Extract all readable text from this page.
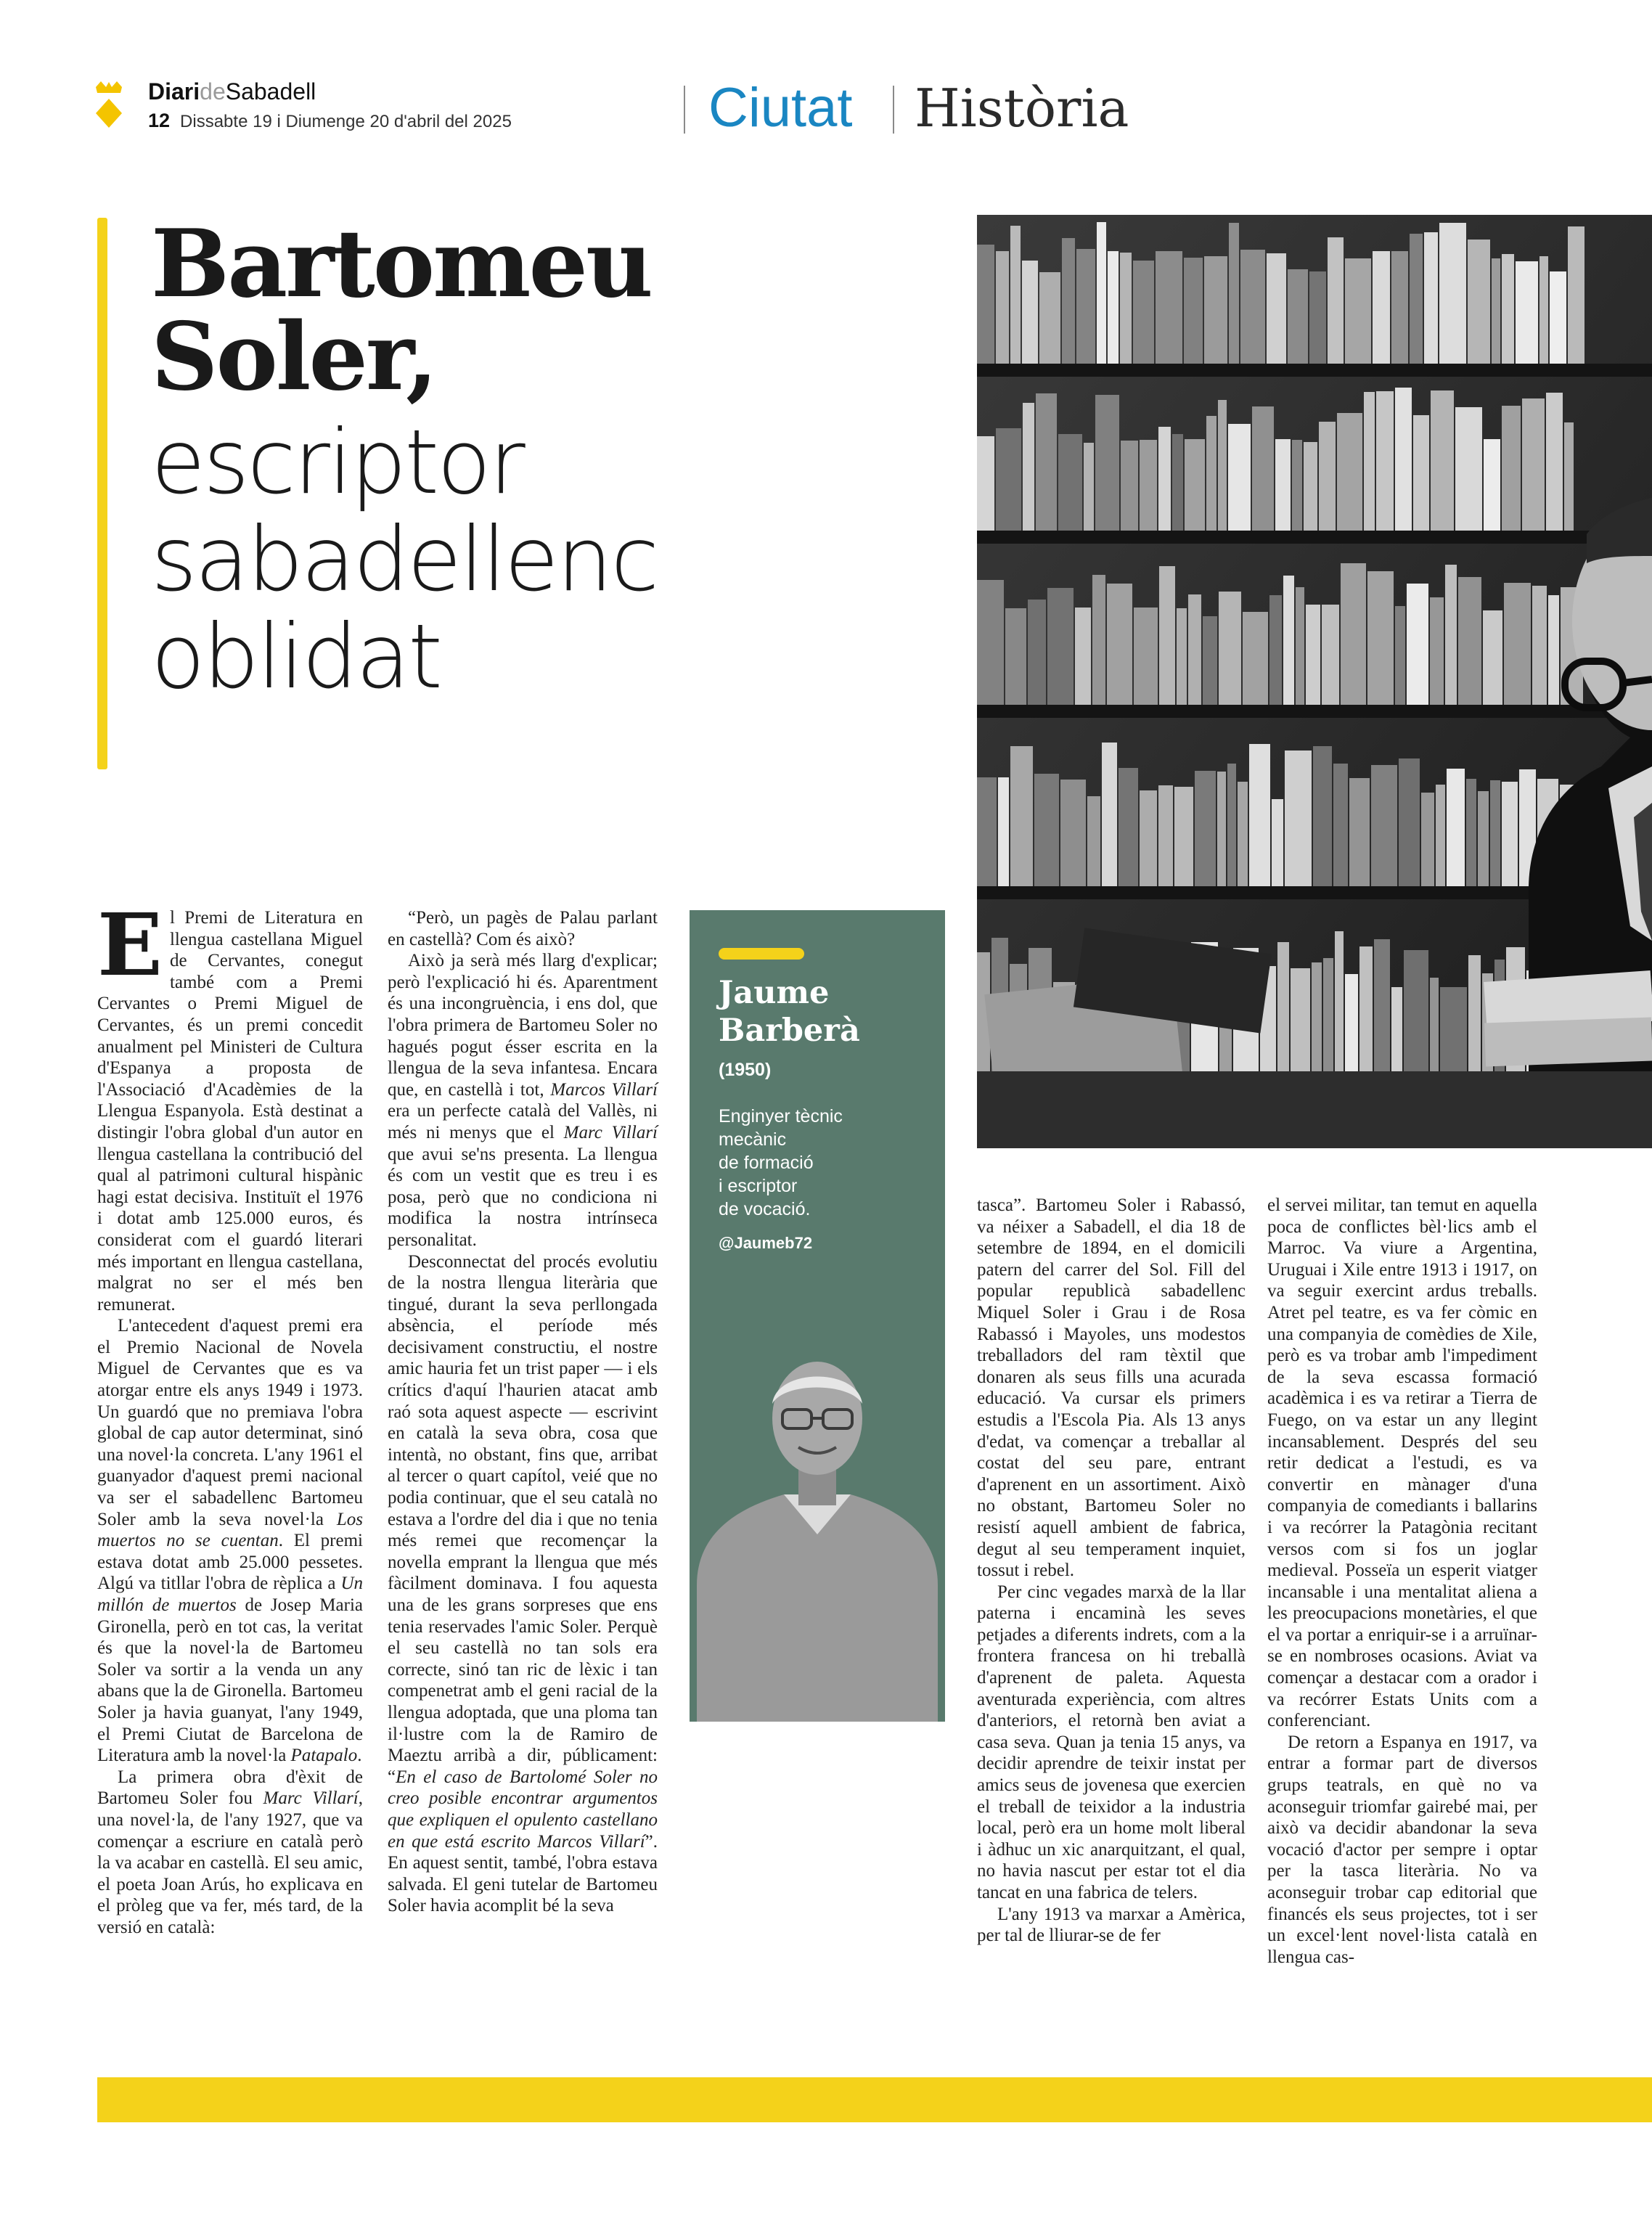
DiarideSabadell
12 Dissabte 19 i Diumenge 20 d'abril del 2025	Ciutat Història
Bartomeu
Soler,
escriptor
sabadellenc
oblidat

El Premi de Literatura en llengua castellana Miguel de Cervantes, conegut també com a Premi Cervantes o Premi Miguel de Cervantes, és un premi concedit anualment pel Ministeri de Cultura d'Espanya a proposta de l'Associació d'Acadèmies de la Llengua Espanyola. Està destinat a distingir l'obra global d'un autor en llengua castellana la contribució del qual al patrimoni cultural hispànic hagi estat decisiva. Instituït el 1976 i dotat amb 125.000 euros, és considerat com el guardó literari més important en llengua castellana, malgrat no ser el més ben remunerat.

L'antecedent d'aquest premi era el Premio Nacional de Novela Miguel de Cervantes que es va atorgar entre els anys 1949 i 1973. Un guardó que no premiava l'obra global de cap autor determinat, sinó una novel·la concreta. L'any 1961 el guanyador d'aquest premi nacional va ser el sabadellenc Bartomeu Soler amb la seva novel·la Los muertos no se cuentan. El premi estava dotat amb 25.000 pessetes. Algú va titllar l'obra de rèplica a Un millón de muertos de Josep Maria Gironella, però en tot cas, la veritat és que la novel·la de Bartomeu Soler va sortir a la venda un any abans que la de Gironella. Bartomeu Soler ja havia guanyat, l'any 1949, el Premi Ciutat de Barcelona de Literatura amb la novel·la Patapalo.

La primera obra d'èxit de Bartomeu Soler fou Marc Villarí, una novel·la, de l'any 1927, que va començar a escriure en català però la va acabar en castellà. El seu amic, el poeta Joan Arús, ho explicava en el pròleg que va fer, més tard, de la versió en català:

“Però, un pagès de Palau parlant en castellà? Com és això?

Això ja serà més llarg d'explicar; però l'explicació hi és. Aparentment és una incongruència, i ens dol, que l'obra primera de Bartomeu Soler no hagués pogut ésser escrita en la llengua de la seva infantesa. Encara que, en castellà i tot, Marcos Villarí era un perfecte català del Vallès, ni més ni menys que el Marc Villarí que avui se'ns presenta. La llengua és com un vestit que es treu i es posa, però que no condiciona ni modifica la nostra intrínseca personalitat.

Desconnectat del procés evolutiu de la nostra llengua literària que tingué, durant la seva perllongada absència, el període més decisivament constructiu, el nostre amic hauria fet un trist paper — i els crítics d'aquí l'haurien atacat amb raó sota aquest aspecte — escrivint en català la seva obra, cosa que intentà, no obstant, fins que, arribat al tercer o quart capítol, veié que no podia continuar, que el seu català no estava a l'ordre del dia i que no tenia més remei que recomençar la novella emprant la llengua que més fàcilment dominava. I fou aquesta una de les grans sorpreses que ens tenia reservades l'amic Soler. Perquè el seu castellà no tan sols era correcte, sinó tan ric de lèxic i tan compenetrat amb el geni racial de la llengua adoptada, que una ploma tan il·lustre com la de Ramiro de Maeztu arribà a dir, públicament: “En el caso de Bartolomé Soler no creo posible encontrar argumentos que expliquen el opulento castellano en que está escrito Marcos Villarí”. En aquest sentit, també, l'obra estava salvada. El geni tutelar de Bartomeu Soler havia acomplit bé la seva

Jaume Barberà
(1950)
Enginyer tècnic
mecànic
de formació
i escriptor
de vocació.
@Jaumeb72

tasca”. Bartomeu Soler i Rabassó, va néixer a Sabadell, el dia 18 de setembre de 1894, en el domicili patern del carrer del Sol. Fill del popular republicà sabadellenc Miquel Soler i Grau i de Rosa Rabassó i Mayoles, uns modestos treballadors del ram tèxtil que donaren als seus fills una acurada educació. Va cursar els primers estudis a l'Escola Pia. Als 13 anys d'edat, va començar a treballar al costat del seu pare, entrant d'aprenent en un assortiment. Això no obstant, Bartomeu Soler no resistí aquell ambient de fabrica, degut al seu temperament inquiet, tossut i rebel.

Per cinc vegades marxà de la llar paterna i encaminà les seves petjades a diferents indrets, com a la frontera francesa on hi treballà d'aprenent de paleta. Aquesta aventurada experiència, com altres d'anteriors, el retornà ben aviat a casa seva. Quan ja tenia 15 anys, va decidir aprendre de teixir instat per amics seus de jovenesa que exercien el treball de teixidor a la industria local, però era un home molt liberal i àdhuc un xic anarquitzant, el qual, no havia nascut per estar tot el dia tancat en una fabrica de telers.

L'any 1913 va marxar a Amèrica, per tal de lliurar-se de fer

el servei militar, tan temut en aquella poca de conflictes bèl·lics amb el Marroc. Va viure a Argentina, Uruguai i Xile entre 1913 i 1917, on va seguir exercint ardus treballs. Atret pel teatre, es va fer còmic en una companyia de comèdies de Xile, però es va trobar amb l'impediment de la seva escassa formació acadèmica i es va retirar a Tierra de Fuego, on va estar un any llegint incansablement. Després del seu retir dedicat a l'estudi, es va convertir en mànager d'una companyia de comediants i ballarins i va recórrer la Patagònia recitant versos com si fos un joglar medieval. Posseïa un esperit viatger incansable i una mentalitat aliena a les preocupacions monetàries, el que el va portar a enriquir-se i a arruïnar-se en nombroses ocasions. Aviat va començar a destacar com a orador i va recórrer Estats Units com a conferenciant.

De retorn a Espanya en 1917, va entrar a formar part de diversos grups teatrals, en què no va aconseguir triomfar gairebé mai, per això va decidir abandonar la seva vocació d'actor per sempre i optar per la tasca literària. No va aconseguir trobar cap editorial que financés els seus projectes, tot i ser un excel·lent novel·lista català en llengua cas-
